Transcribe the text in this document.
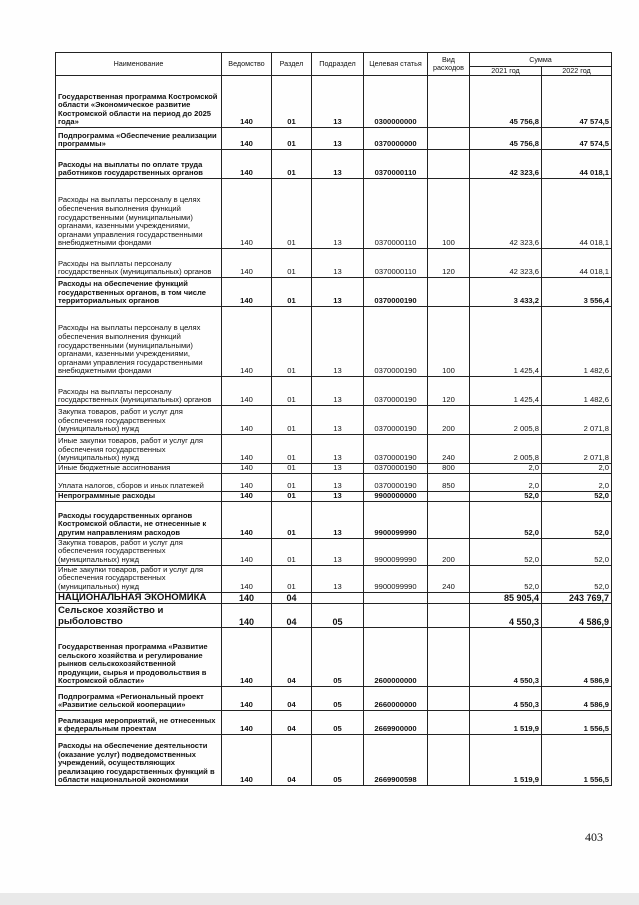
Наименование	Ведомство	Раздел	Подраздел	Целевая статья	Вид расходов	Сумма	
						2021 год	2022 год
Государственная программа Костромской области «Экономическое развитие Костромской области на период до 2025 года»	140	01	13	0300000000		45 756,8	47 574,5
Подпрограмма «Обеспечение реализации программы»	140	01	13	0370000000		45 756,8	47 574,5
Расходы на выплаты по оплате труда работников государственных органов	140	01	13	0370000110		42 323,6	44 018,1
Расходы на выплаты персоналу в целях обеспечения выполнения функций государственными (муниципальными) органами, казенными учреждениями, органами управления государственными внебюджетными фондами	140	01	13	0370000110	100	42 323,6	44 018,1
Расходы на выплаты персоналу государственных (муниципальных) органов	140	01	13	0370000110	120	42 323,6	44 018,1
Расходы на обеспечение функций государственных органов, в том числе территориальных органов	140	01	13	0370000190		3 433,2	3 556,4
Расходы на выплаты персоналу в целях обеспечения выполнения функций государственными (муниципальными) органами, казенными учреждениями, органами управления государственными внебюджетными фондами	140	01	13	0370000190	100	1 425,4	1 482,6
Расходы на выплаты персоналу государственных (муниципальных) органов	140	01	13	0370000190	120	1 425,4	1 482,6
Закупка товаров, работ и услуг для обеспечения государственных (муниципальных) нужд	140	01	13	0370000190	200	2 005,8	2 071,8
Иные закупки товаров, работ и услуг для обеспечения государственных (муниципальных) нужд	140	01	13	0370000190	240	2 005,8	2 071,8
Иные бюджетные ассигнования	140	01	13	0370000190	800	2,0	2,0
Уплата налогов, сборов и иных платежей	140	01	13	0370000190	850	2,0	2,0
Непрограммные расходы	140	01	13	9900000000		52,0	52,0
Расходы государственных органов Костромской области, не отнесенные к другим направлениям расходов	140	01	13	9900099990		52,0	52,0
Закупка товаров, работ и услуг для обеспечения государственных (муниципальных) нужд	140	01	13	9900099990	200	52,0	52,0
Иные закупки товаров, работ и услуг для обеспечения государственных (муниципальных) нужд	140	01	13	9900099990	240	52,0	52,0
НАЦИОНАЛЬНАЯ ЭКОНОМИКА	140	04				85 905,4	243 769,7
Сельское хозяйство и рыболовство	140	04	05			4 550,3	4 586,9
Государственная программа «Развитие сельского хозяйства и регулирование рынков сельскохозяйственной продукции, сырья и продовольствия в Костромской области»	140	04	05	2600000000		4 550,3	4 586,9
Подпрограмма «Региональный проект «Развитие сельской кооперации»	140	04	05	2660000000		4 550,3	4 586,9
Реализация мероприятий, не отнесенных к федеральным проектам	140	04	05	2669900000		1 519,9	1 556,5
Расходы на обеспечение деятельности (оказание услуг) подведомственных учреждений, осуществляющих реализацию государственных функций в области национальной экономики	140	04	05	2669900598		1 519,9	1 556,5
403
